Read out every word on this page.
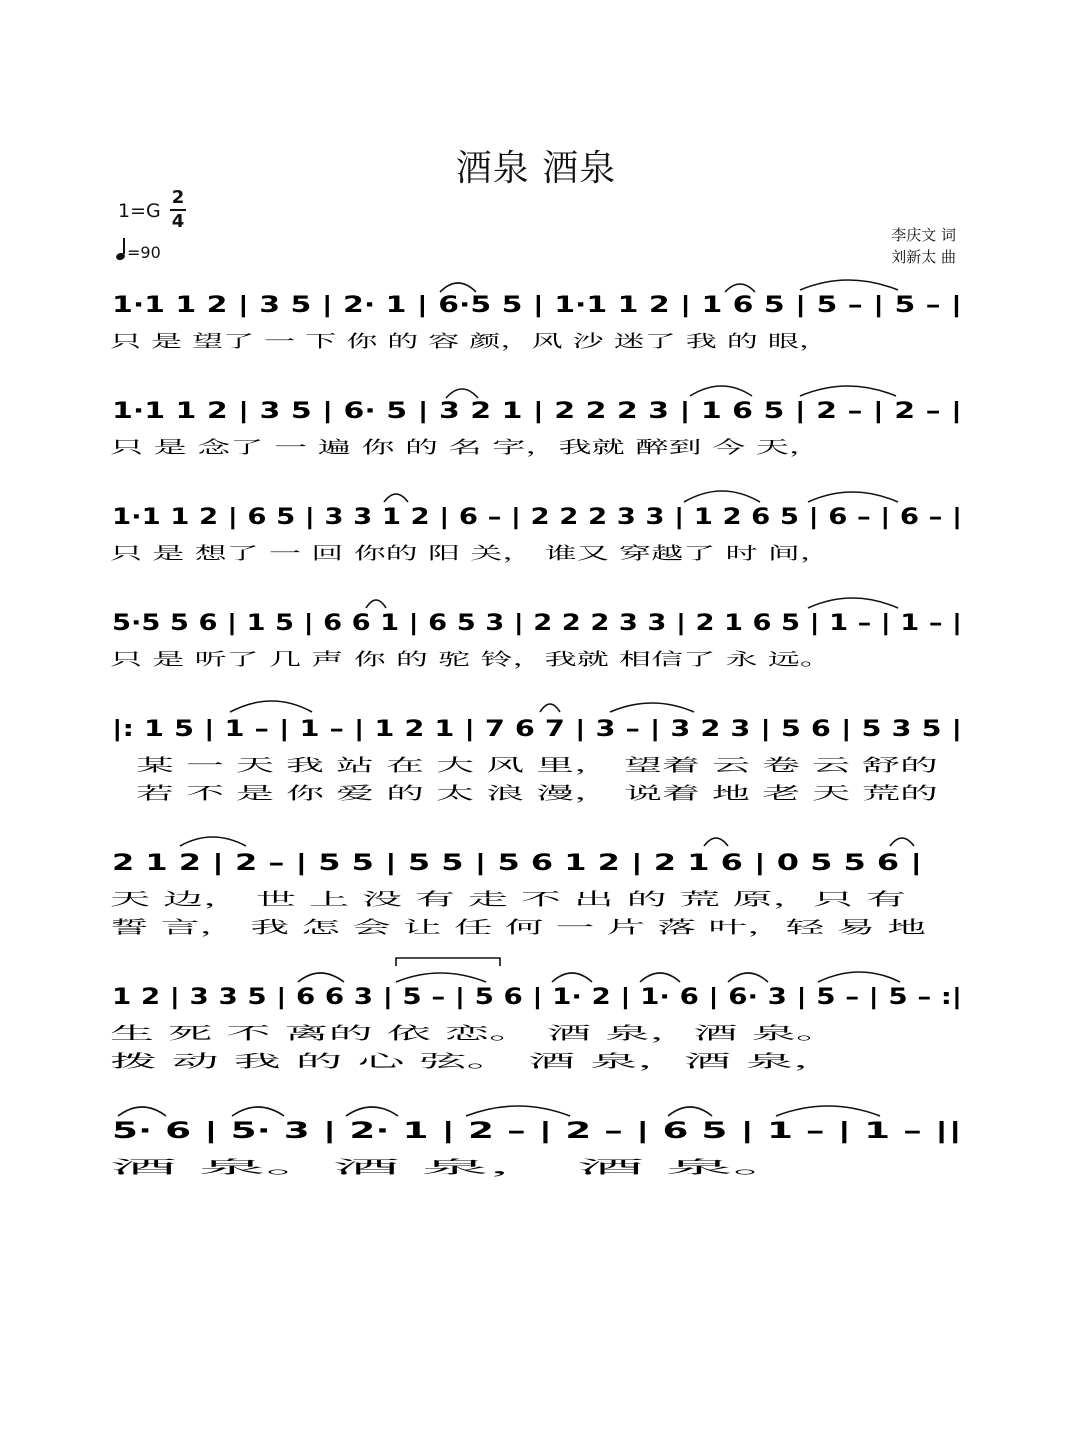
酒泉 酒泉
1=G
2
4
=90
李庆文 词
刘新太 曲
1·1 1 2 | 3 5 | 2· 1 | 6·5 5 | 1·1 1 2 | 1 6 5 | 5 – | 5 – |
只 是 望了 一 下 你 的 容 颜，风 沙 迷了 我 的 眼，
1·1 1 2 | 3 5 | 6· 5 | 3 2 1 | 2 2 2 3 | 1 6 5 | 2 – | 2 – |
只 是 念了 一 遍 你 的 名 字，我就 醉到 今 天，
1·1 1 2 | 6 5 | 3 3 1 2 | 6 – | 2 2 2 3 3 | 1 2 6 5 | 6 – | 6 – |
只 是 想了 一 回 你的 阳 关， 谁又 穿越了 时 间，
5·5 5 6 | 1 5 | 6 6 1 | 6 5 3 | 2 2 2 3 3 | 2 1 6 5 | 1 – | 1 – |
只 是 听了 几 声 你 的 驼 铃，我就 相信了 永 远。
|: 1 5 | 1 – | 1 – | 1 2 1 | 7 6 7 | 3 – | 3 2 3 | 5 6 | 5 3 5 |
某 一 天 我 站 在 大 风 里， 望着 云 卷 云 舒的
若 不 是 你 爱 的 太 浪 漫， 说着 地 老 天 荒的
2 1 2 | 2 – | 5 5 | 5 5 | 5 6 1 2 | 2 1 6 | 0 5 5 6 |
天 边， 世 上 没 有 走 不 出 的 荒 原，只 有
誓 言， 我 怎 会 让 任 何 一 片 落 叶，轻 易 地
1 2 | 3 3 5 | 6 6 3 | 5 – | 5 6 | 1· 2 | 1· 6 | 6· 3 | 5 – | 5 – :|
生 死 不 离的 依 恋。 酒 泉，酒 泉。
拨 动 我 的 心 弦。 酒 泉，酒 泉，
5· 6 | 5· 3 | 2· 1 | 2 – | 2 – | 6 5 | 1 – | 1 – ||
酒 泉。酒 泉， 酒 泉。
